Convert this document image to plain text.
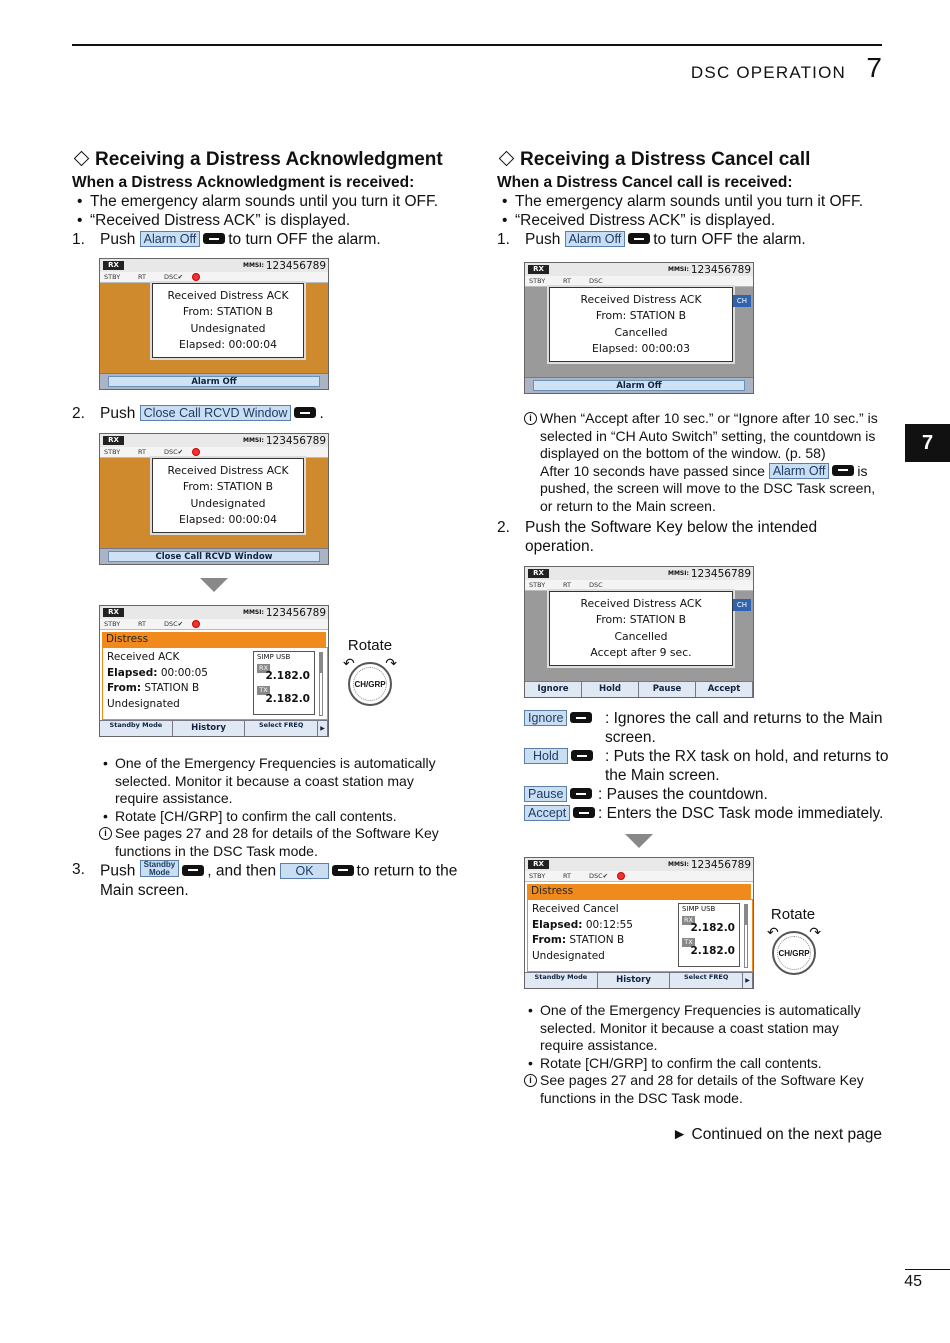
DSC OPERATION 7
7
45
Receiving a Distress Acknowledgment
When a Distress Acknowledgment is received:
• The emergency alarm sounds until you turn it OFF.
• “Received Distress ACK” is displayed.
1. Push Alarm Off to turn OFF the alarm.
RX	MMSI: 123456789
STBY	RT	DSC✔
Received Distress ACK
From: STATION B
Undesignated
Elapsed: 00:00:04
Alarm Off
2. Push Close Call RCVD Window .
RX	MMSI: 123456789
STBY	RT	DSC✔
Received Distress ACK
From: STATION B
Undesignated
Elapsed: 00:00:04
Close Call RCVD Window
RX	MMSI: 123456789
STBY	RT	DSC✔
Distress
Received ACK
Elapsed: 00:00:05
From: STATION B
Undesignated
SIMP USB
RX
2.182.0
TX
2.182.0
Standby Mode	History	Select FREQ	▶
Rotate
↶ ↷
CH/GRP
• One of the Emergency Frequencies is automatically selected. Monitor it because a coast station may require assistance.
• Rotate [CH/GRP] to confirm the call contents.
i See pages 27 and 28 for details of the Software Key functions in the DSC Task mode.
3. Push Standby
Mode , and then OK	to return to the Main screen.
Receiving a Distress Cancel call
When a Distress Cancel call is received:
• The emergency alarm sounds until you turn it OFF.
• “Received Distress ACK” is displayed.
1. Push Alarm Off to turn OFF the alarm.
RX	MMSI: 123456789
STBY	RT	DSC
Received Distress ACK
From: STATION B
Cancelled
Elapsed: 00:00:03
CH
Alarm Off
i When “Accept after 10 sec.” or “Ignore after 10 sec.” is selected in “CH Auto Switch” setting, the countdown is displayed on the bottom of the window. (p. 58)
After 10 seconds have passed since Alarm Off is pushed, the screen will move to the DSC Task screen, or return to the Main screen.
2. Push the Software Key below the intended operation.
RX	MMSI: 123456789
STBY	RT	DSC
Received Distress ACK
From: STATION B
Cancelled
Accept after 9 sec.
CH
Ignore	Hold	Pause	Accept
Ignore	: Ignores the call and returns to the Main screen.
Hold	: Puts the RX task on hold, and returns to the Main screen.
Pause	: Pauses the countdown.
Accept	: Enters the DSC Task mode immediately.
RX	MMSI: 123456789
STBY	RT	DSC✔
Distress
Received Cancel
Elapsed: 00:12:55
From: STATION B
Undesignated
SIMP USB
RX
2.182.0
TX
2.182.0
Standby Mode	History	Select FREQ	▶
Rotate
↶ ↷
CH/GRP
• One of the Emergency Frequencies is automatically selected. Monitor it because a coast station may require assistance.
• Rotate [CH/GRP] to confirm the call contents.
i See pages 27 and 28 for details of the Software Key functions in the DSC Task mode.
► Continued on the next page
